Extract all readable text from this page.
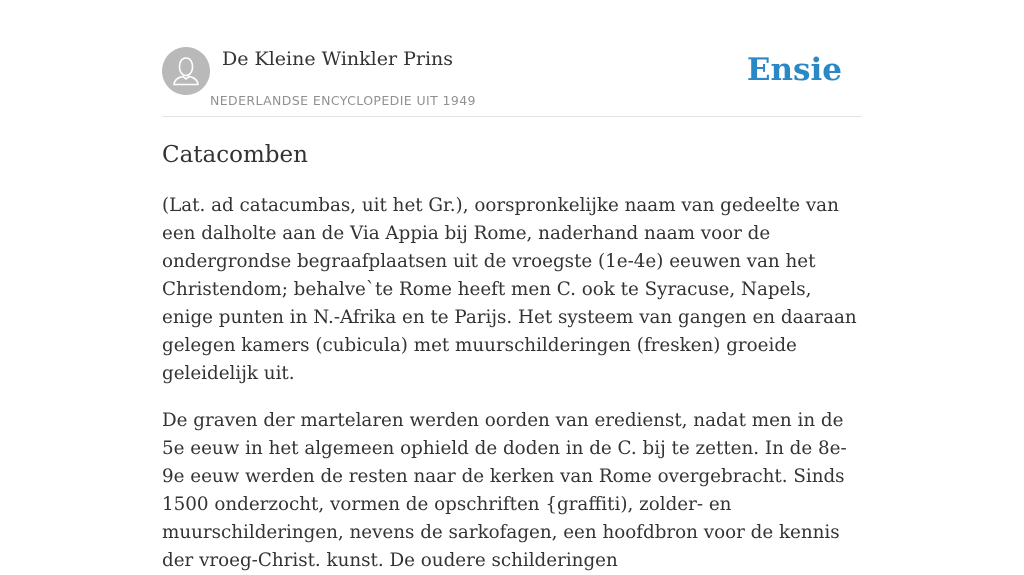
De Kleine Winkler Prins
NEDERLANDSE ENCYCLOPEDIE UIT 1949
Ensie
Catacomben

(Lat. ad catacumbas, uit het Gr.), oorspronkelijke naam van gedeelte van een dalholte aan de Via Appia bij Rome, naderhand naam voor de ondergrondse begraafplaatsen uit de vroegste (1e-4e) eeuwen van het Christendom; behalve`te Rome heeft men C. ook te Syracuse, Napels, enige punten in N.-Afrika en te Parijs. Het systeem van gangen en daaraan gelegen kamers (cubicula) met muurschilderingen (fresken) groeide geleidelijk uit.

De graven der martelaren werden oorden van eredienst, nadat men in de 5e eeuw in het algemeen ophield de doden in de C. bij te zetten. In de 8e-9e eeuw werden de resten naar de kerken van Rome overgebracht. Sinds 1500 onderzocht, vormen de opschriften {graffiti), zolder- en muurschilderingen, nevens de sarkofagen, een hoofdbron voor de kennis der vroeg-Christ. kunst. De oudere schilderingen
